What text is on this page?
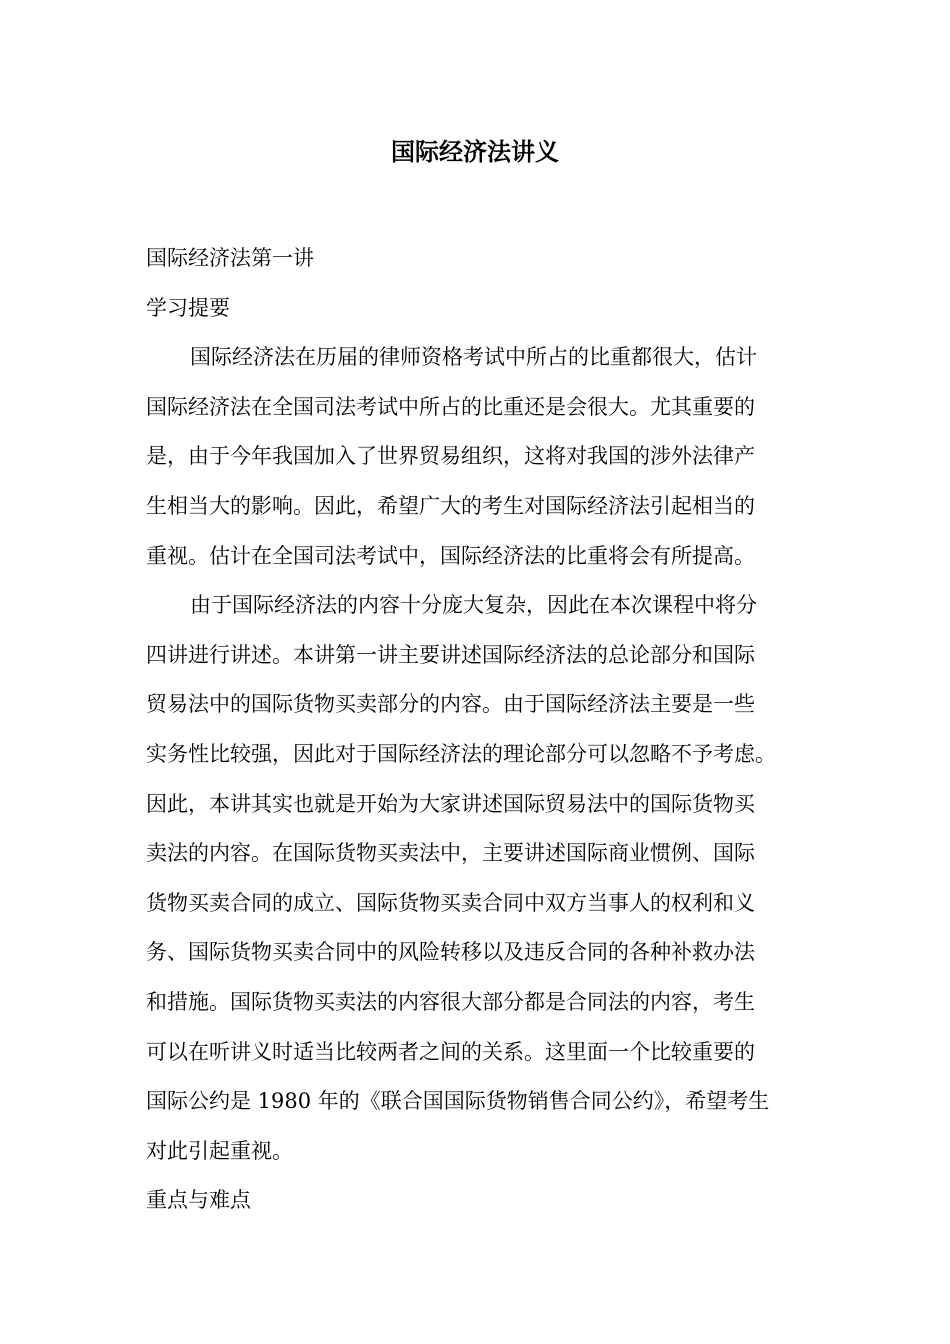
国际经济法讲义

国际经济法第一讲

学习提要

国际经济法在历届的律师资格考试中所占的比重都很大，估计
国际经济法在全国司法考试中所占的比重还是会很大。尤其重要的
是，由于今年我国加入了世界贸易组织，这将对我国的涉外法律产
生相当大的影响。因此，希望广大的考生对国际经济法引起相当的
重视。估计在全国司法考试中，国际经济法的比重将会有所提高。

由于国际经济法的内容十分庞大复杂，因此在本次课程中将分
四讲进行讲述。本讲第一讲主要讲述国际经济法的总论部分和国际
贸易法中的国际货物买卖部分的内容。由于国际经济法主要是一些
实务性比较强，因此对于国际经济法的理论部分可以忽略不予考虑。
因此，本讲其实也就是开始为大家讲述国际贸易法中的国际货物买
卖法的内容。在国际货物买卖法中，主要讲述国际商业惯例、国际
货物买卖合同的成立、国际货物买卖合同中双方当事人的权利和义
务、国际货物买卖合同中的风险转移以及违反合同的各种补救办法
和措施。国际货物买卖法的内容很大部分都是合同法的内容，考生
可以在听讲义时适当比较两者之间的关系。这里面一个比较重要的
国际公约是 1980 年的《联合国国际货物销售合同公约》，希望考生
对此引起重视。

重点与难点
